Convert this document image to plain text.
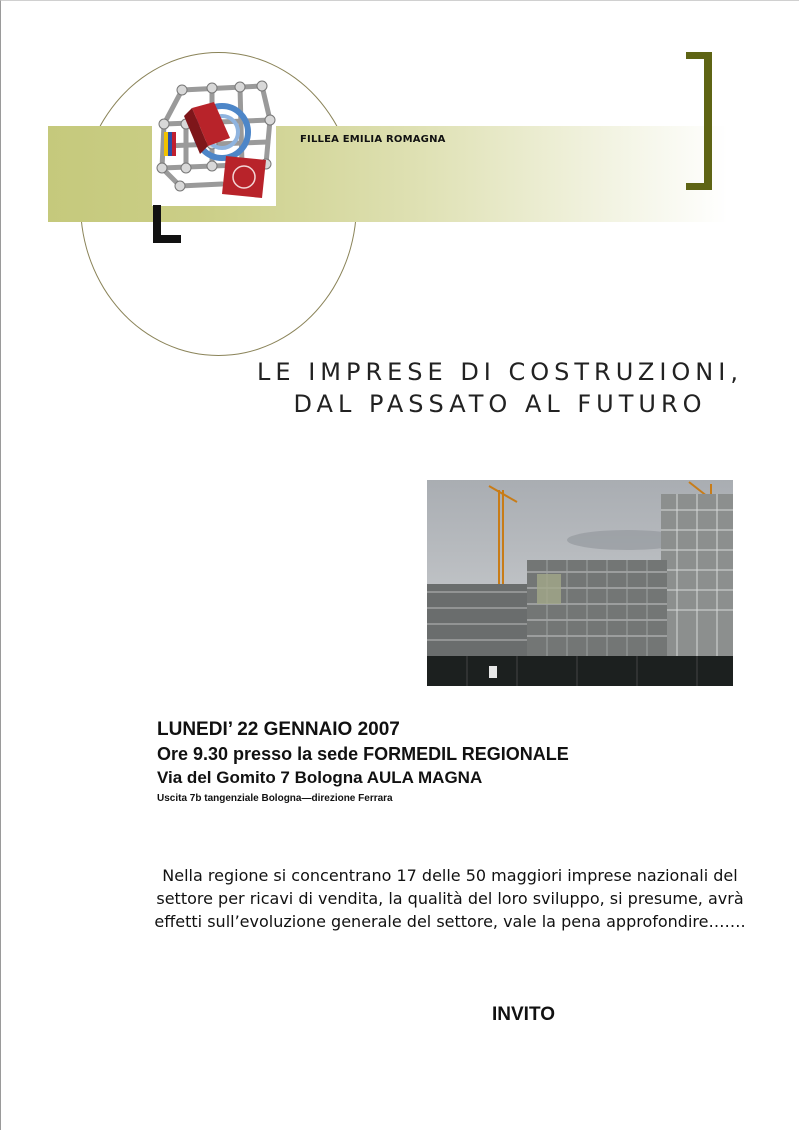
FILLEA EMILIA ROMAGNA
LE IMPRESE DI COSTRUZIONI,
DAL PASSATO AL FUTURO
LUNEDI’ 22 GENNAIO 2007
Ore 9.30 presso la sede FORMEDIL REGIONALE
Via del Gomito 7 Bologna AULA MAGNA
Uscita 7b tangenziale Bologna—direzione Ferrara
Nella regione si concentrano 17 delle 50 maggiori imprese nazionali del settore per ricavi di vendita, la qualità del loro sviluppo, si presume, avrà effetti sull’evoluzione generale del settore, vale la pena approfondire…….
INVITO
